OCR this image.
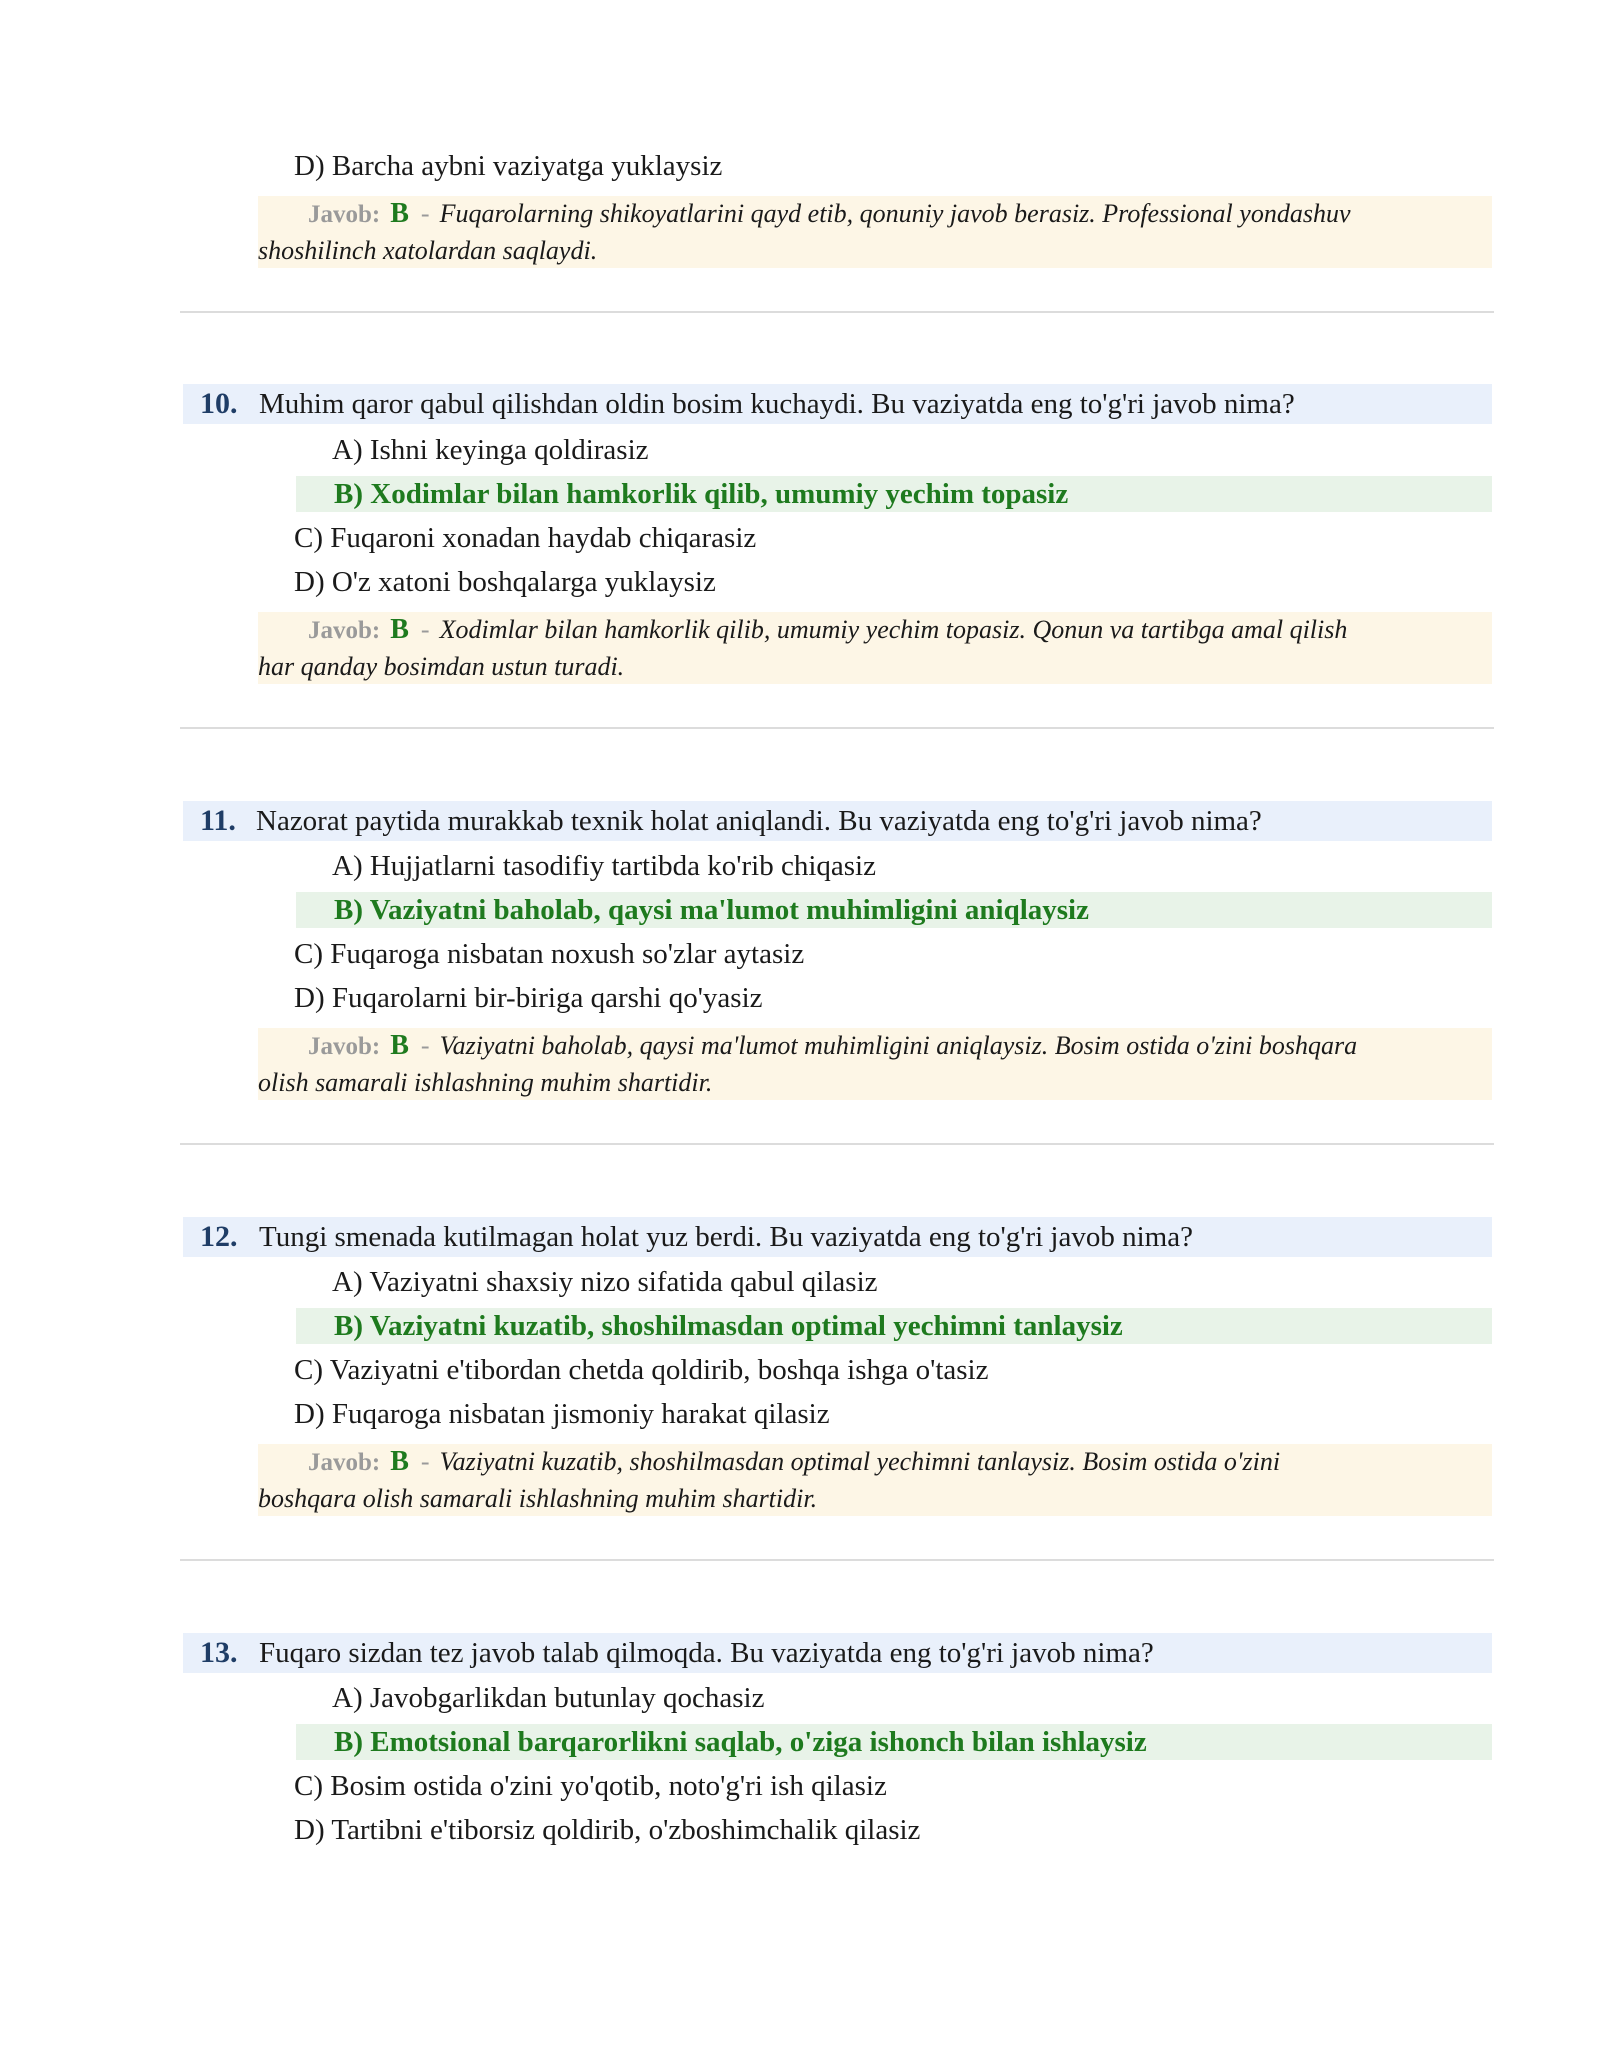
D) Barcha aybni vaziyatga yuklaysiz
Javob: B - Fuqarolarning shikoyatlarini qayd etib, qonuniy javob berasiz. Professional yondashuv
shoshilinch xatolardan saqlaydi.
10. Muhim qaror qabul qilishdan oldin bosim kuchaydi. Bu vaziyatda eng to'g'ri javob nima?
A) Ishni keyinga qoldirasiz
B) Xodimlar bilan hamkorlik qilib, umumiy yechim topasiz
C) Fuqaroni xonadan haydab chiqarasiz
D) O'z xatoni boshqalarga yuklaysiz
Javob: B - Xodimlar bilan hamkorlik qilib, umumiy yechim topasiz. Qonun va tartibga amal qilish
har qanday bosimdan ustun turadi.
11. Nazorat paytida murakkab texnik holat aniqlandi. Bu vaziyatda eng to'g'ri javob nima?
A) Hujjatlarni tasodifiy tartibda ko'rib chiqasiz
B) Vaziyatni baholab, qaysi ma'lumot muhimligini aniqlaysiz
C) Fuqaroga nisbatan noxush so'zlar aytasiz
D) Fuqarolarni bir-biriga qarshi qo'yasiz
Javob: B - Vaziyatni baholab, qaysi ma'lumot muhimligini aniqlaysiz. Bosim ostida o'zini boshqara
olish samarali ishlashning muhim shartidir.
12. Tungi smenada kutilmagan holat yuz berdi. Bu vaziyatda eng to'g'ri javob nima?
A) Vaziyatni shaxsiy nizo sifatida qabul qilasiz
B) Vaziyatni kuzatib, shoshilmasdan optimal yechimni tanlaysiz
C) Vaziyatni e'tibordan chetda qoldirib, boshqa ishga o'tasiz
D) Fuqaroga nisbatan jismoniy harakat qilasiz
Javob: B - Vaziyatni kuzatib, shoshilmasdan optimal yechimni tanlaysiz. Bosim ostida o'zini
boshqara olish samarali ishlashning muhim shartidir.
13. Fuqaro sizdan tez javob talab qilmoqda. Bu vaziyatda eng to'g'ri javob nima?
A) Javobgarlikdan butunlay qochasiz
B) Emotsional barqarorlikni saqlab, o'ziga ishonch bilan ishlaysiz
C) Bosim ostida o'zini yo'qotib, noto'g'ri ish qilasiz
D) Tartibni e'tiborsiz qoldirib, o'zboshimchalik qilasiz
